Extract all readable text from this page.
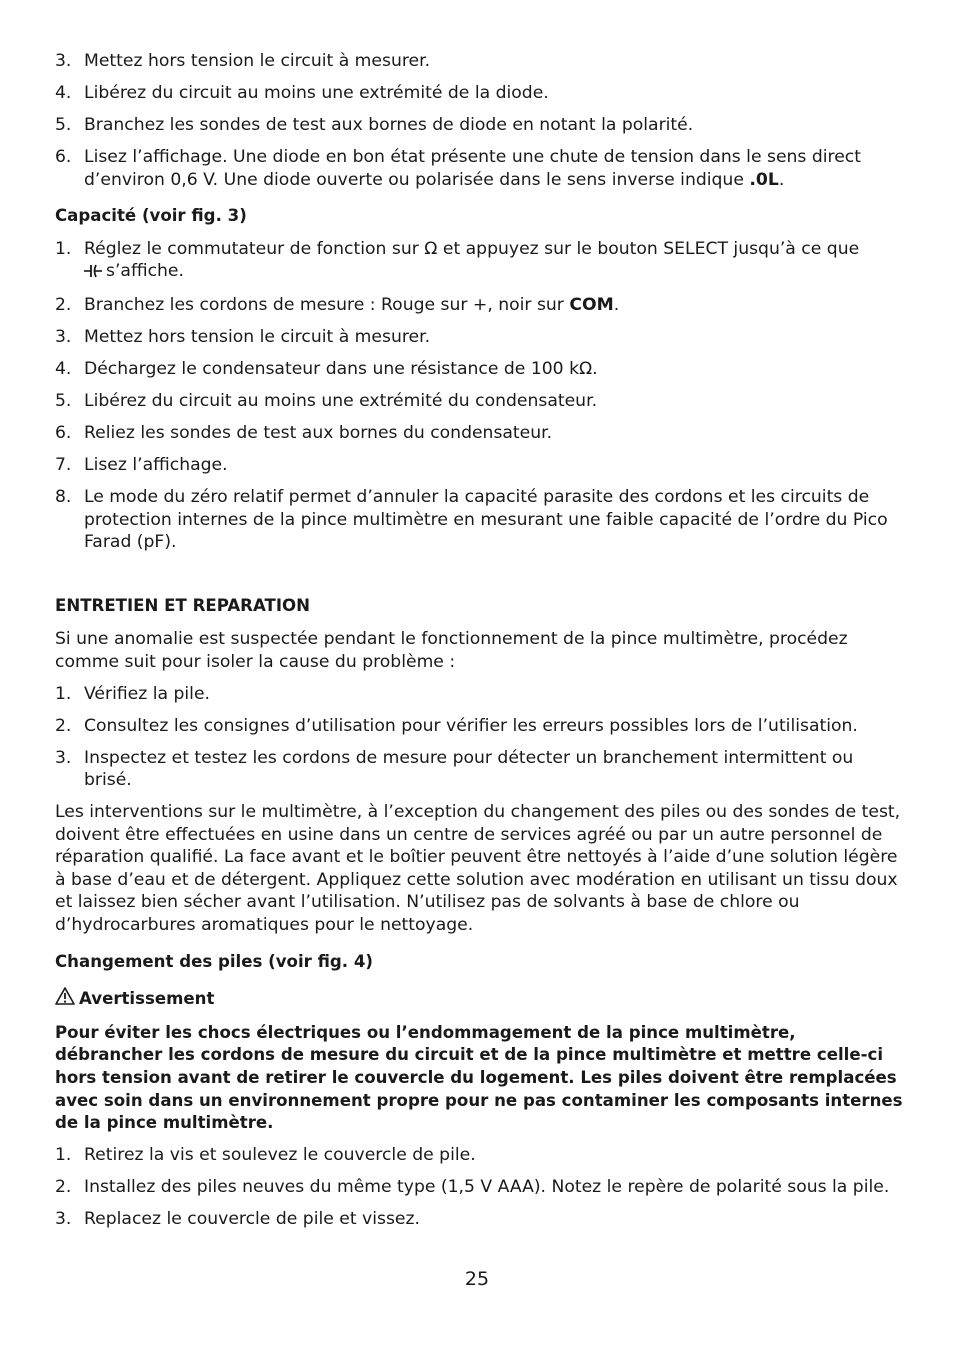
3. Mettez hors tension le circuit à mesurer.
4. Libérez du circuit au moins une extrémité de la diode.
5. Branchez les sondes de test aux bornes de diode en notant la polarité.
6. Lisez l’affichage. Une diode en bon état présente une chute de tension dans le sens direct d’environ 0,6 V. Une diode ouverte ou polarisée dans le sens inverse indique .0L.
Capacité (voir fig. 3)
1. Réglez le commutateur de fonction sur Ω et appuyez sur le bouton SELECT jusqu’à ce que
s’affiche.
2. Branchez les cordons de mesure : Rouge sur +, noir sur COM.
3. Mettez hors tension le circuit à mesurer.
4. Déchargez le condensateur dans une résistance de 100 kΩ.
5. Libérez du circuit au moins une extrémité du condensateur.
6. Reliez les sondes de test aux bornes du condensateur.
7. Lisez l’affichage.
8. Le mode du zéro relatif permet d’annuler la capacité parasite des cordons et les circuits de protection internes de la pince multimètre en mesurant une faible capacité de l’ordre du Pico Farad (pF).
ENTRETIEN ET REPARATION
Si une anomalie est suspectée pendant le fonctionnement de la pince multimètre, procédez comme suit pour isoler la cause du problème :
1. Vérifiez la pile.
2. Consultez les consignes d’utilisation pour vérifier les erreurs possibles lors de l’utilisation.
3. Inspectez et testez les cordons de mesure pour détecter un branchement intermittent ou brisé.
Les interventions sur le multimètre, à l’exception du changement des piles ou des sondes de test, doivent être effectuées en usine dans un centre de services agréé ou par un autre personnel de réparation qualifié. La face avant et le boîtier peuvent être nettoyés à l’aide d’une solution légère à base d’eau et de détergent. Appliquez cette solution avec modération en utilisant un tissu doux et laissez bien sécher avant l’utilisation. N’utilisez pas de solvants à base de chlore ou d’hydrocarbures aromatiques pour le nettoyage.
Changement des piles (voir fig. 4)
Avertissement
Pour éviter les chocs électriques ou l’endommagement de la pince multimètre, débrancher les cordons de mesure du circuit et de la pince multimètre et mettre celle-ci hors tension avant de retirer le couvercle du logement. Les piles doivent être remplacées avec soin dans un environnement propre pour ne pas contaminer les composants internes de la pince multimètre.
1. Retirez la vis et soulevez le couvercle de pile.
2. Installez des piles neuves du même type (1,5 V AAA). Notez le repère de polarité sous la pile.
3. Replacez le couvercle de pile et vissez.
25
